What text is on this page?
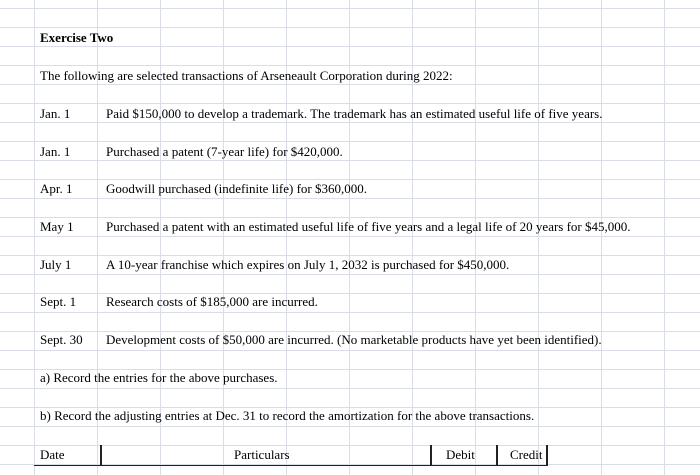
Exercise Two
The following are selected transactions of Arseneault Corporation during 2022:
Jan. 1	Paid $150,000 to develop a trademark. The trademark has an estimated useful life of five years.
Jan. 1	Purchased a patent (7-year life) for $420,000.
Apr. 1	Goodwill purchased (indefinite life) for $360,000.
May 1 Purchased a patent with an estimated useful life of five years and a legal life of 20 years for $45,000.
July 1	A 10-year franchise which expires on July 1, 2032 is purchased for $450,000.
Sept. 1 Research costs of $185,000 are incurred.
Sept. 30 Development costs of $50,000 are incurred. (No marketable products have yet been identified).
a) Record the entries for the above purchases.
b) Record the adjusting entries at Dec. 31 to record the amortization for the above transactions.
Date	Particulars	Debit	Credit
